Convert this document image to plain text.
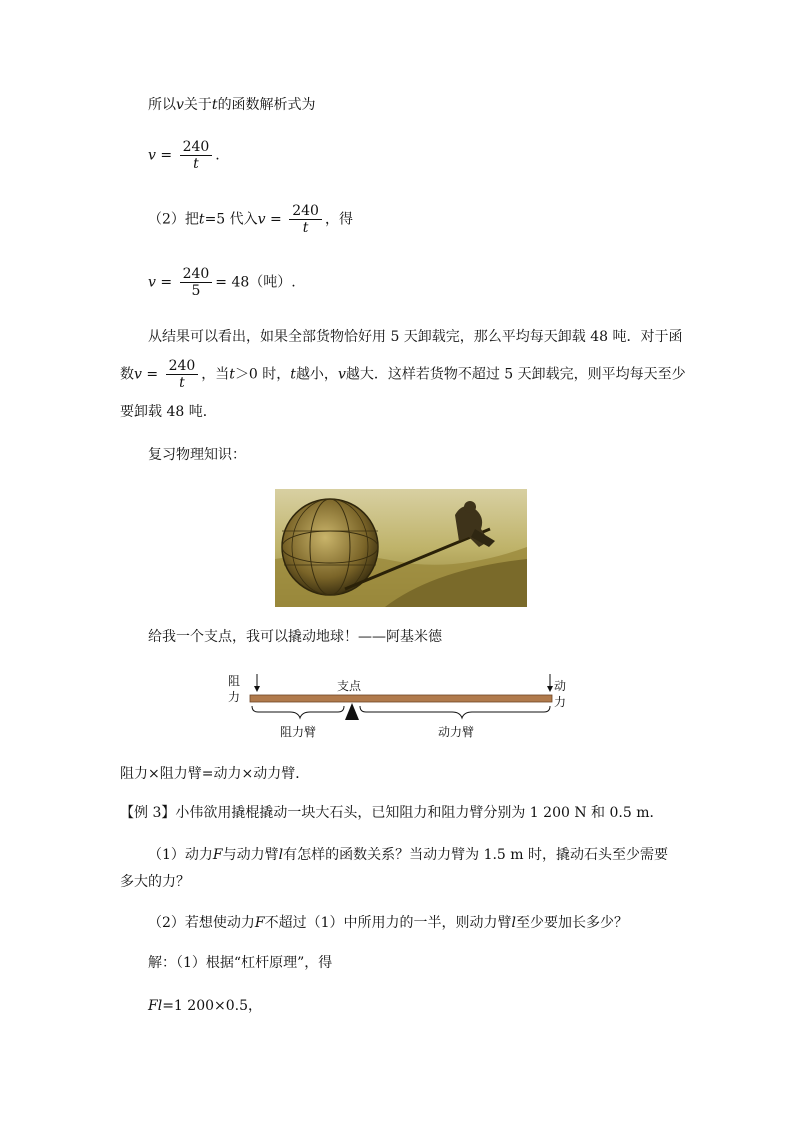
所以v关于t的函数解析式为
$v = \frac{240}{t}$ .
（2）把t=5 代入$v = \frac{240}{t}$ ，得
$v = \frac{240}{5} = 48$（吨）.
从结果可以看出，如果全部货物恰好用 5 天卸载完，那么平均每天卸载 48 吨．对于函
数$v = \frac{240}{t}$ ，当t＞0 时，t越小，v越大．这样若货物不超过 5 天卸载完，则平均每天至少
要卸载 48 吨．
复习物理知识：
给我一个支点，我可以撬动地球！——阿基米德
阻
力
支点	动
力
阻力臂	动力臂
阻力×阻力臂=动力×动力臂．
【例 3】小伟欲用撬棍撬动一块大石头，已知阻力和阻力臂分别为 1 200 N 和 0.5 m．
（1）动力F与动力臂l有怎样的函数关系？当动力臂为 1.5 m 时，撬动石头至少需要
多大的力？
（2）若想使动力F不超过（1）中所用力的一半，则动力臂l至少要加长多少？
解：（1）根据“杠杆原理”，得
Fl=1 200×0.5，
